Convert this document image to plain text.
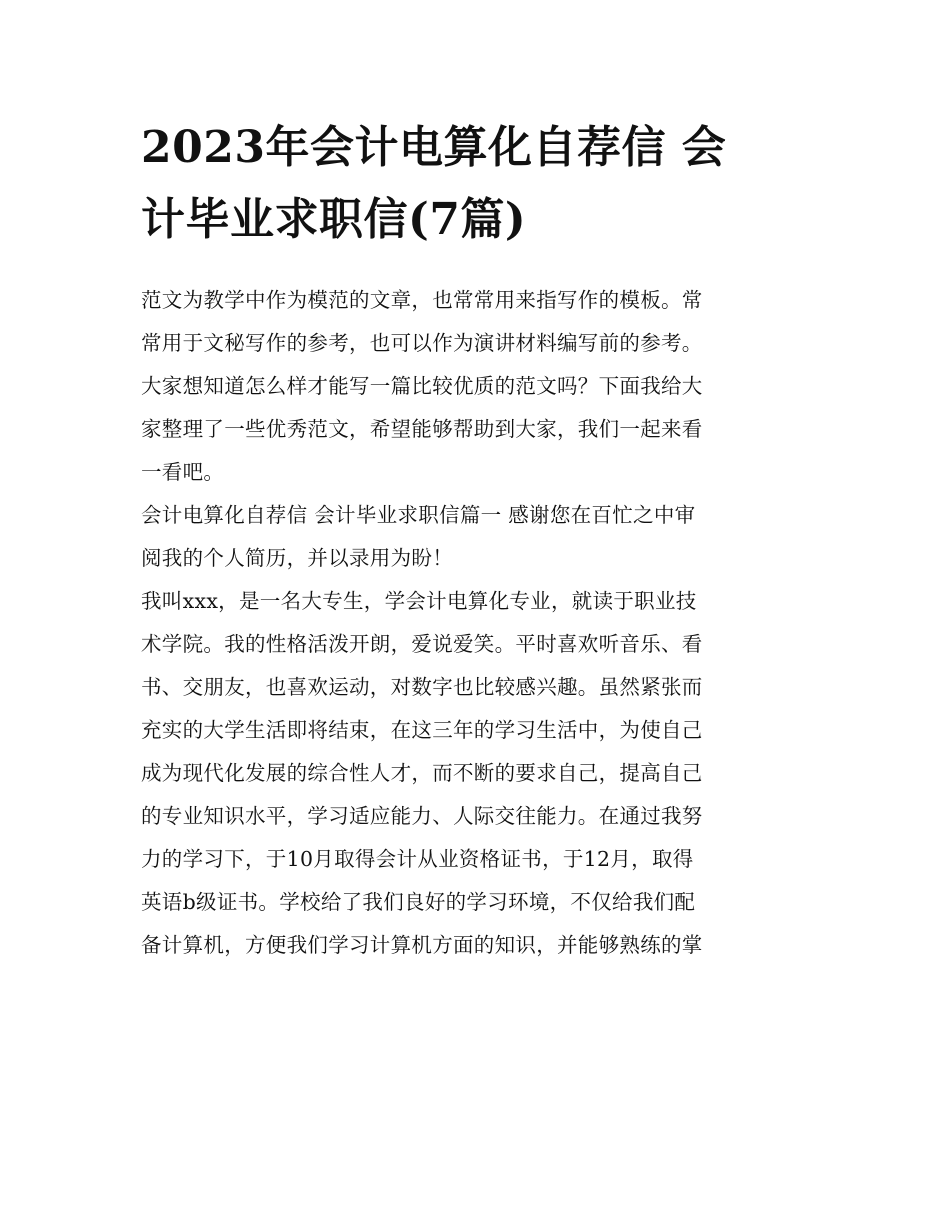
2023年会计电算化自荐信 会
计毕业求职信(7篇)

范文为教学中作为模范的文章，也常常用来指写作的模板。常
常用于文秘写作的参考，也可以作为演讲材料编写前的参考。
大家想知道怎么样才能写一篇比较优质的范文吗？下面我给大
家整理了一些优秀范文，希望能够帮助到大家，我们一起来看
一看吧。

会计电算化自荐信 会计毕业求职信篇一 感谢您在百忙之中审
阅我的个人简历，并以录用为盼！

我叫xxx，是一名大专生，学会计电算化专业，就读于职业技
术学院。我的性格活泼开朗，爱说爱笑。平时喜欢听音乐、看
书、交朋友，也喜欢运动，对数字也比较感兴趣。虽然紧张而
充实的大学生活即将结束，在这三年的学习生活中，为使自己
成为现代化发展的综合性人才，而不断的要求自己，提高自己
的专业知识水平，学习适应能力、人际交往能力。在通过我努
力的学习下，于10月取得会计从业资格证书，于12月，取得
英语b级证书。学校给了我们良好的学习环境，不仅给我们配
备计算机，方便我们学习计算机方面的知识，并能够熟练的掌
